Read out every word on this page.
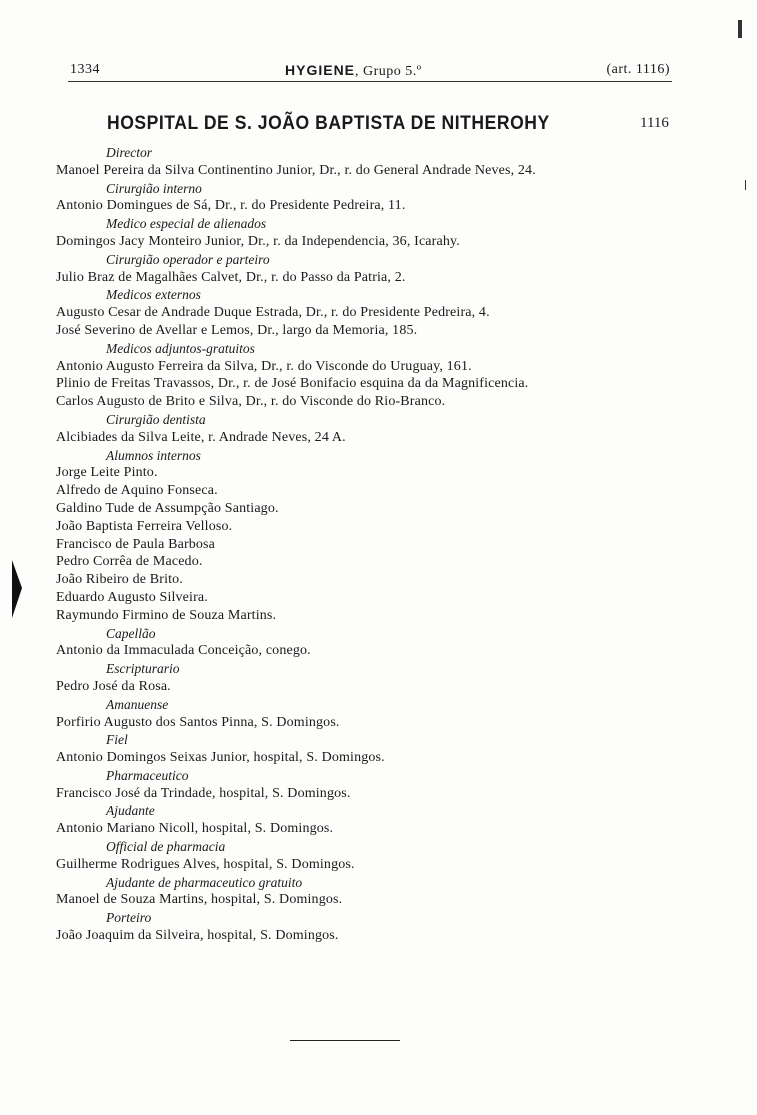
1334	HYGIENE, Grupo 5.º	(art. 1116)
HOSPITAL DE S. JOÃO BAPTISTA DE NITHEROHY	1116
Director
Manoel Pereira da Silva Continentino Junior, Dr., r. do General Andrade Neves, 24.
Cirurgião interno
Antonio Domingues de Sá, Dr., r. do Presidente Pedreira, 11.
Medico especial de alienados
Domingos Jacy Monteiro Junior, Dr., r. da Independencia, 36, Icarahy.
Cirurgião operador e parteiro
Julio Braz de Magalhães Calvet, Dr., r. do Passo da Patria, 2.
Medicos externos
Augusto Cesar de Andrade Duque Estrada, Dr., r. do Presidente Pedreira, 4.
José Severino de Avellar e Lemos, Dr., largo da Memoria, 185.
Medicos adjuntos-gratuitos
Antonio Augusto Ferreira da Silva, Dr., r. do Visconde do Uruguay, 161.
Plinio de Freitas Travassos, Dr., r. de José Bonifacio esquina da da Magnificencia.
Carlos Augusto de Brito e Silva, Dr., r. do Visconde do Rio-Branco.
Cirurgião dentista
Alcibiades da Silva Leite, r. Andrade Neves, 24 A.
Alumnos internos
Jorge Leite Pinto.
Alfredo de Aquino Fonseca.
Galdino Tude de Assumpção Santiago.
João Baptista Ferreira Velloso.
Francisco de Paula Barbosa
Pedro Corrêa de Macedo.
João Ribeiro de Brito.
Eduardo Augusto Silveira.
Raymundo Firmino de Souza Martins.
Capellão
Antonio da Immaculada Conceição, conego.
Escripturario
Pedro José da Rosa.
Amanuense
Porfirio Augusto dos Santos Pinna, S. Domingos.
Fiel
Antonio Domingos Seixas Junior, hospital, S. Domingos.
Pharmaceutico
Francisco José da Trindade, hospital, S. Domingos.
Ajudante
Antonio Mariano Nicoll, hospital, S. Domingos.
Official de pharmacia
Guilherme Rodrigues Alves, hospital, S. Domingos.
Ajudante de pharmaceutico gratuito
Manoel de Souza Martins, hospital, S. Domingos.
Porteiro
João Joaquim da Silveira, hospital, S. Domingos.
